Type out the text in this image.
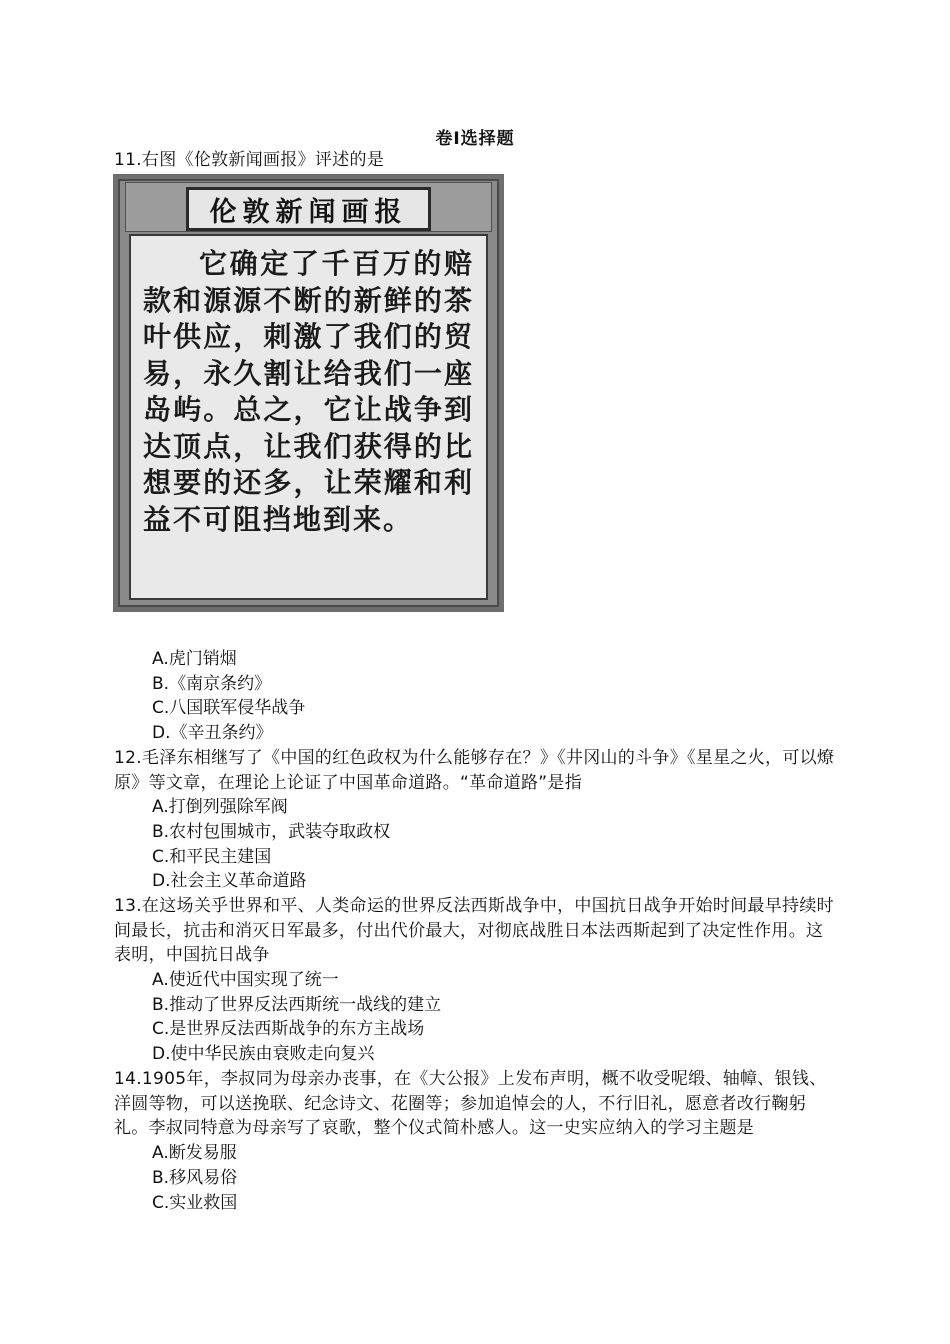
卷Ⅰ选择题
11.右图《伦敦新闻画报》评述的是
伦敦新闻画报
它确定了千百万的赔款和源源不断的新鲜的茶叶供应，刺激了我们的贸易，永久割让给我们一座岛屿。总之，它让战争到达顶点，让我们获得的比想要的还多，让荣耀和利益不可阻挡地到来。
A.虎门销烟
B.《南京条约》
C.八国联军侵华战争
D.《辛丑条约》
12.毛泽东相继写了《中国的红色政权为什么能够存在？》《井冈山的斗争》《星星之火，可以燎原》等文章，在理论上论证了中国革命道路。“革命道路”是指
A.打倒列强除军阀
B.农村包围城市，武装夺取政权
C.和平民主建国
D.社会主义革命道路
13.在这场关乎世界和平、人类命运的世界反法西斯战争中，中国抗日战争开始时间最早持续时间最长，抗击和消灭日军最多，付出代价最大，对彻底战胜日本法西斯起到了决定性作用。这表明，中国抗日战争
A.使近代中国实现了统一
B.推动了世界反法西斯统一战线的建立
C.是世界反法西斯战争的东方主战场
D.使中华民族由衰败走向复兴
14.1905年，李叔同为母亲办丧事，在《大公报》上发布声明，概不收受呢缎、轴幛、银钱、洋圆等物，可以送挽联、纪念诗文、花圈等；参加追悼会的人，不行旧礼，愿意者改行鞠躬礼。李叔同特意为母亲写了哀歌，整个仪式简朴感人。这一史实应纳入的学习主题是
A.断发易服
B.移风易俗
C.实业救国
